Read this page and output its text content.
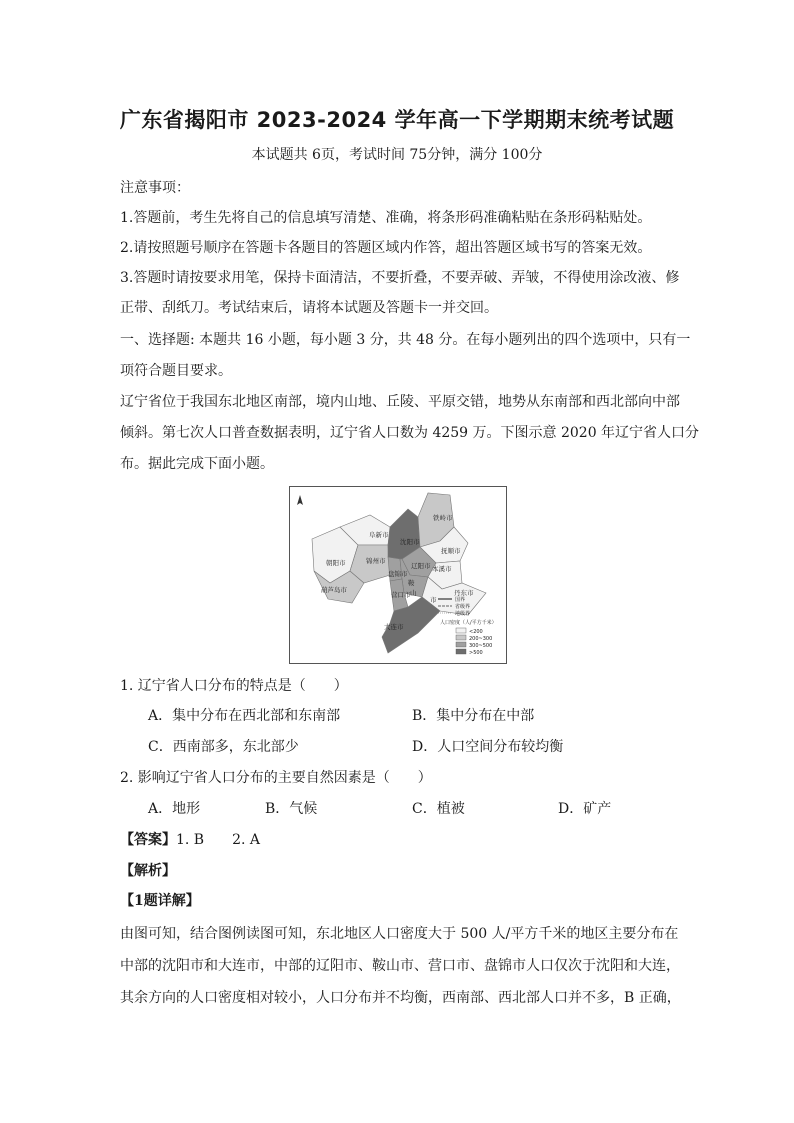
广东省揭阳市 2023-2024 学年高一下学期期末统考试题
本试题共 6页，考试时间 75分钟，满分 100分
注意事项：
1.答题前，考生先将自己的信息填写清楚、准确，将条形码准确粘贴在条形码粘贴处。
2.请按照题号顺序在答题卡各题目的答题区域内作答，超出答题区域书写的答案无效。
3.答题时请按要求用笔，保持卡面清洁，不要折叠，不要弄破、弄皱，不得使用涂改液、修
正带、刮纸刀。考试结束后，请将本试题及答题卡一并交回。
一、选择题: 本题共 16 小题，每小题 3 分，共 48 分。在每小题列出的四个选项中，只有一
项符合题目要求。
辽宁省位于我国东北地区南部，境内山地、丘陵、平原交错，地势从东南部和西北部向中部
倾斜。第七次人口普查数据表明，辽宁省人口数为 4259 万。下图示意 2020 年辽宁省人口分
布。据此完成下面小题。
铁岭市
阜新市
沈阳市
抚顺市
朝阳市	锦州市
辽阳市 本溪市
盘锦市
鞍
营口市 山
市
葫芦岛市	丹东市
大连市
国界
省级界
地级界
人口密度（人/平方千米）
<200
200~300
300~500
>500
1. 辽宁省人口分布的特点是（　　）
A．集中分布在西北部和东南部	B．集中分布在中部
C．西南部多，东北部少	D．人口空间分布较均衡
2. 影响辽宁省人口分布的主要自然因素是（　　）
A．地形	B．气候	C．植被	D．矿产
【答案】1. B　　2. A
【解析】
【1题详解】
由图可知，结合图例读图可知，东北地区人口密度大于 500 人/平方千米的地区主要分布在
中部的沈阳市和大连市，中部的辽阳市、鞍山市、营口市、盘锦市人口仅次于沈阳和大连，
其余方向的人口密度相对较小，人口分布并不均衡，西南部、西北部人口并不多，B 正确，
